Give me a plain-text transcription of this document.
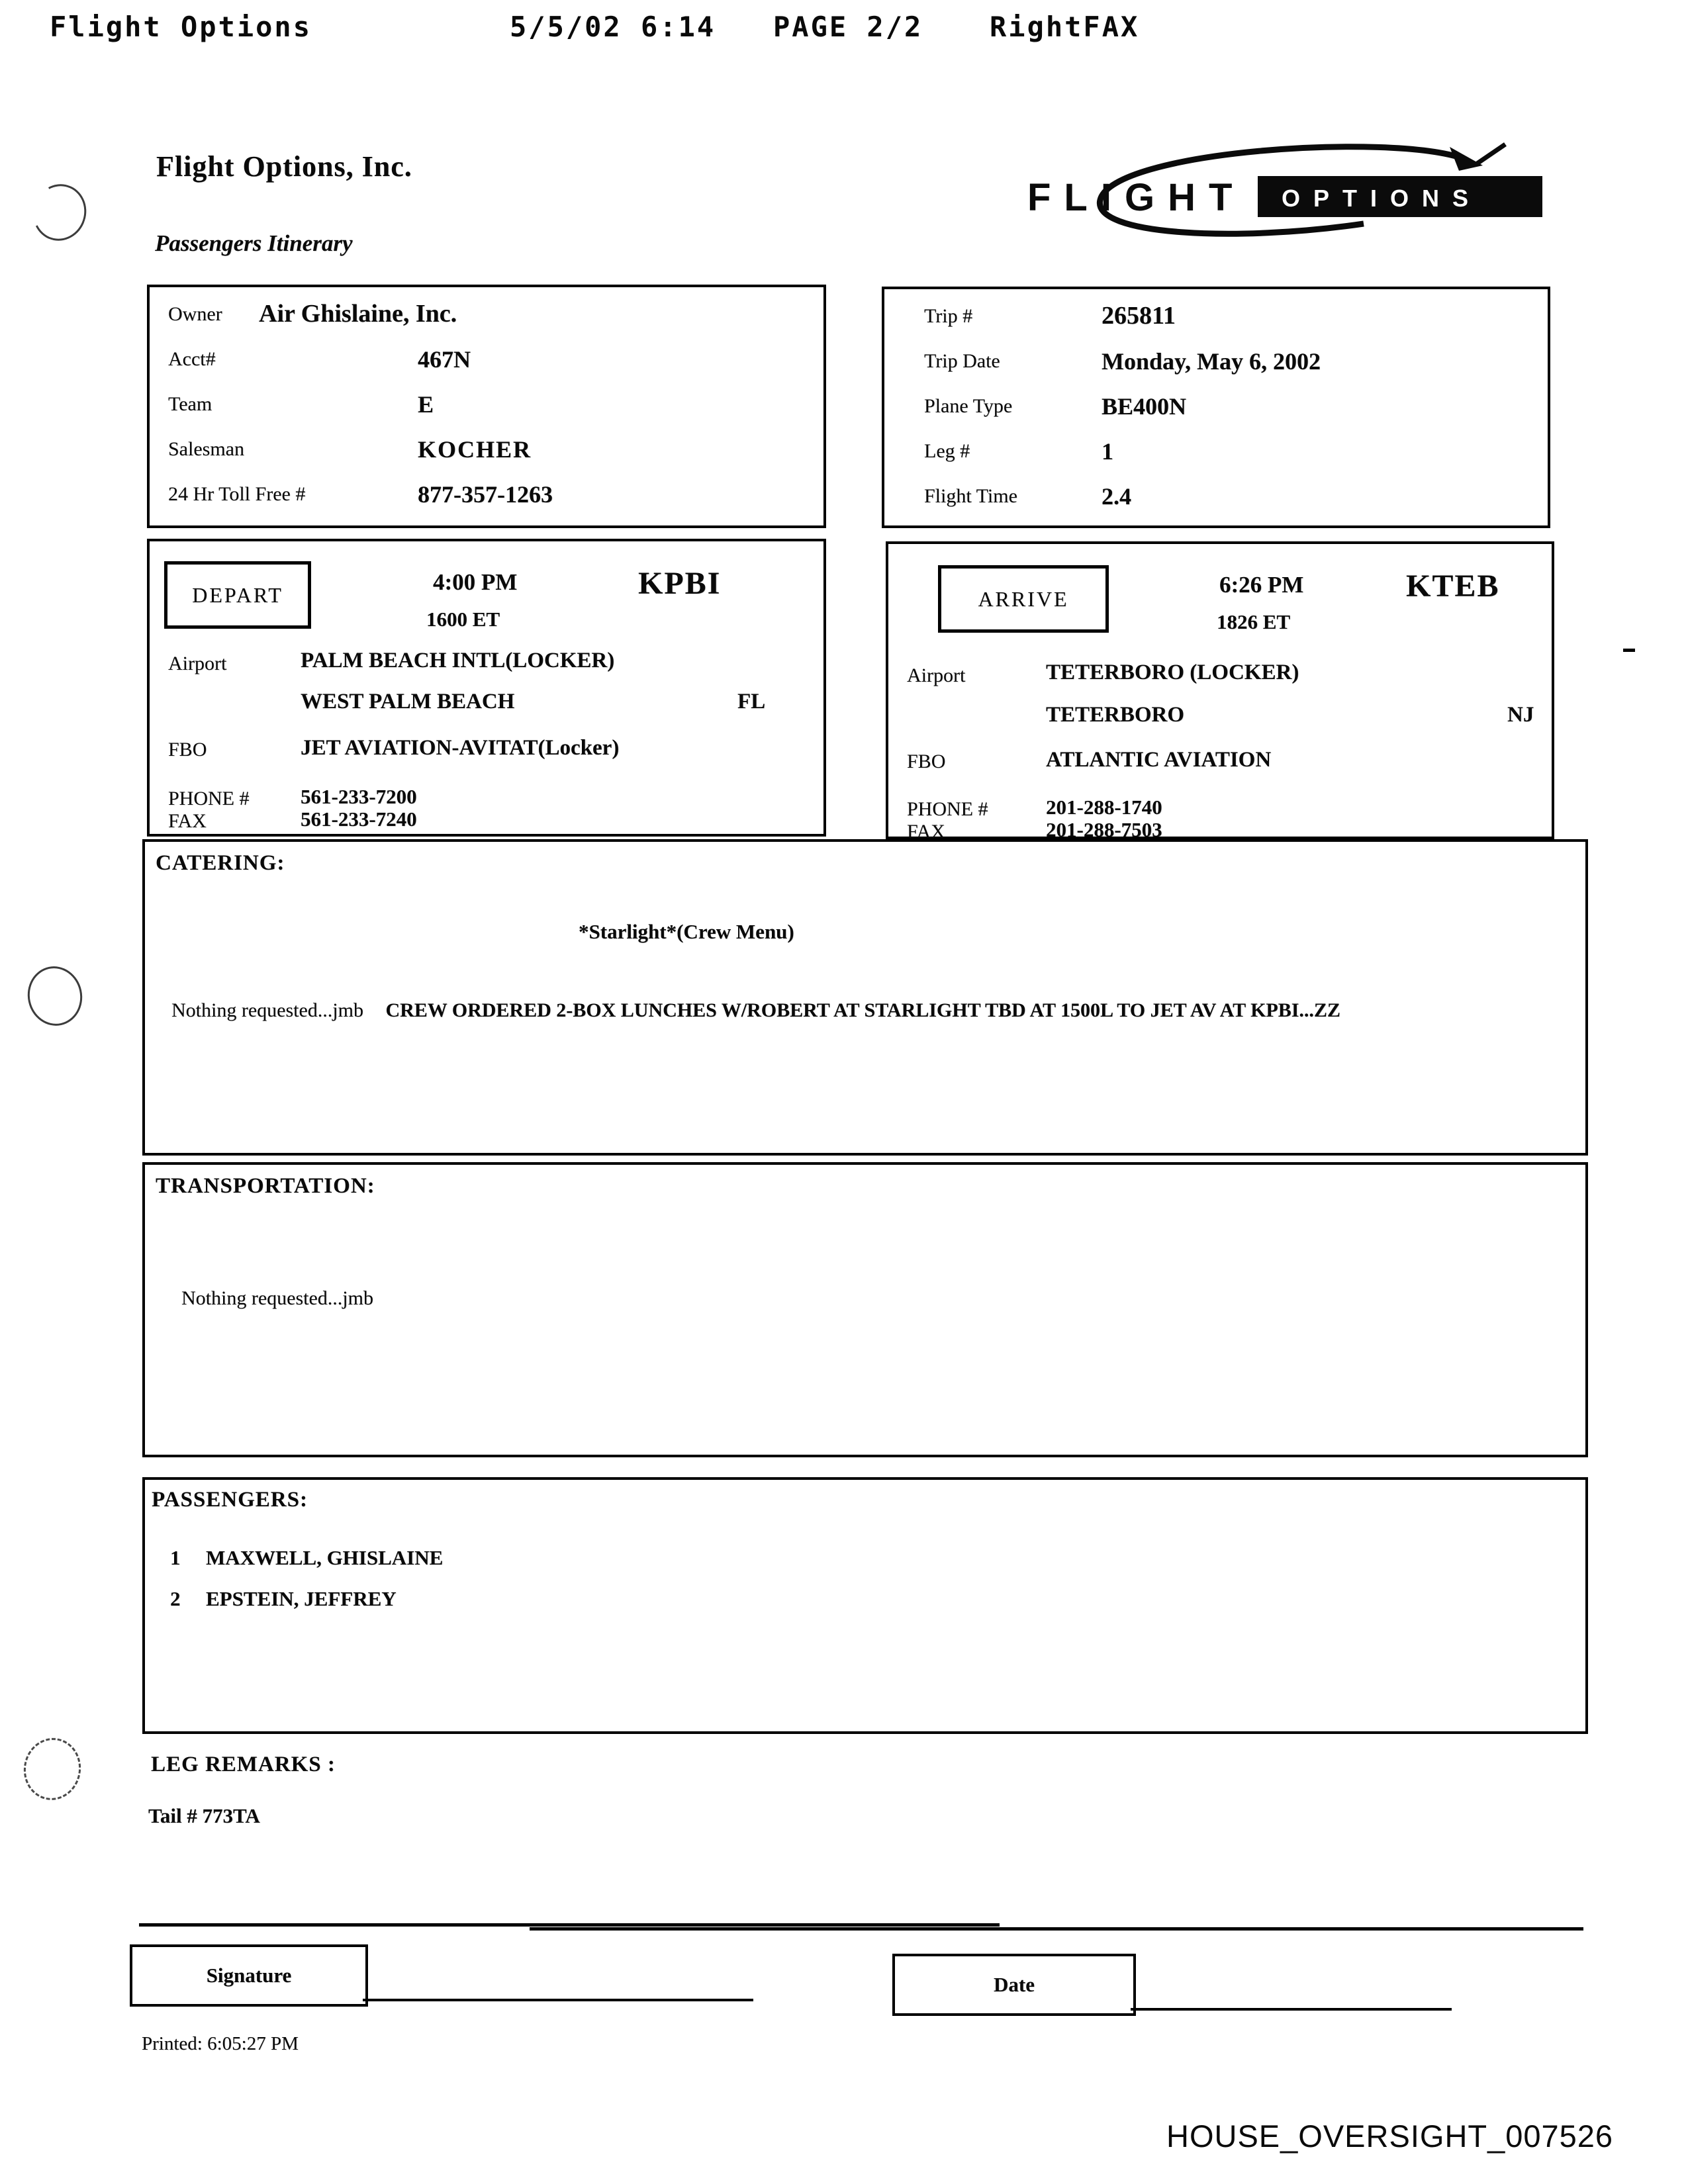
Flight Options	5/5/02 6:14 PAGE 2/2 RightFAX
Flight Options, Inc.
Passengers Itinerary
FLIGHT OPTIONS
Owner Air Ghislaine, Inc.
Acct#	467N
Team	E
Salesman	KOCHER
24 Hr Toll Free #	877-357-1263
Trip #	265811
Trip Date	Monday, May 6, 2002
Plane Type	BE400N
Leg #	1
Flight Time	2.4
DEPART	4:00 PM
1600 ET
KPBI
Airport	PALM BEACH INTL(LOCKER)
WEST PALM BEACH	FL
FBO	JET AVIATION-AVITAT(Locker)
PHONE # 561-233-7200
FAX	561-233-7240
ARRIVE
6:26 PM
1826 ET
KTEB
Airport	TETERBORO (LOCKER)
TETERBORO	NJ
FBO	ATLANTIC AVIATION
PHONE #	201-288-1740
FAX	201-288-7503
CATERING:
*Starlight*(Crew Menu)
Nothing requested...jmb CREW ORDERED 2-BOX LUNCHES W/ROBERT AT STARLIGHT TBD AT 1500L TO JET AV AT KPBI...ZZ
TRANSPORTATION:
Nothing requested...jmb
PASSENGERS:
1 MAXWELL, GHISLAINE
2 EPSTEIN, JEFFREY
LEG REMARKS :
Tail # 773TA
Signature	Date
Printed: 6:05:27 PM
HOUSE_OVERSIGHT_007526
